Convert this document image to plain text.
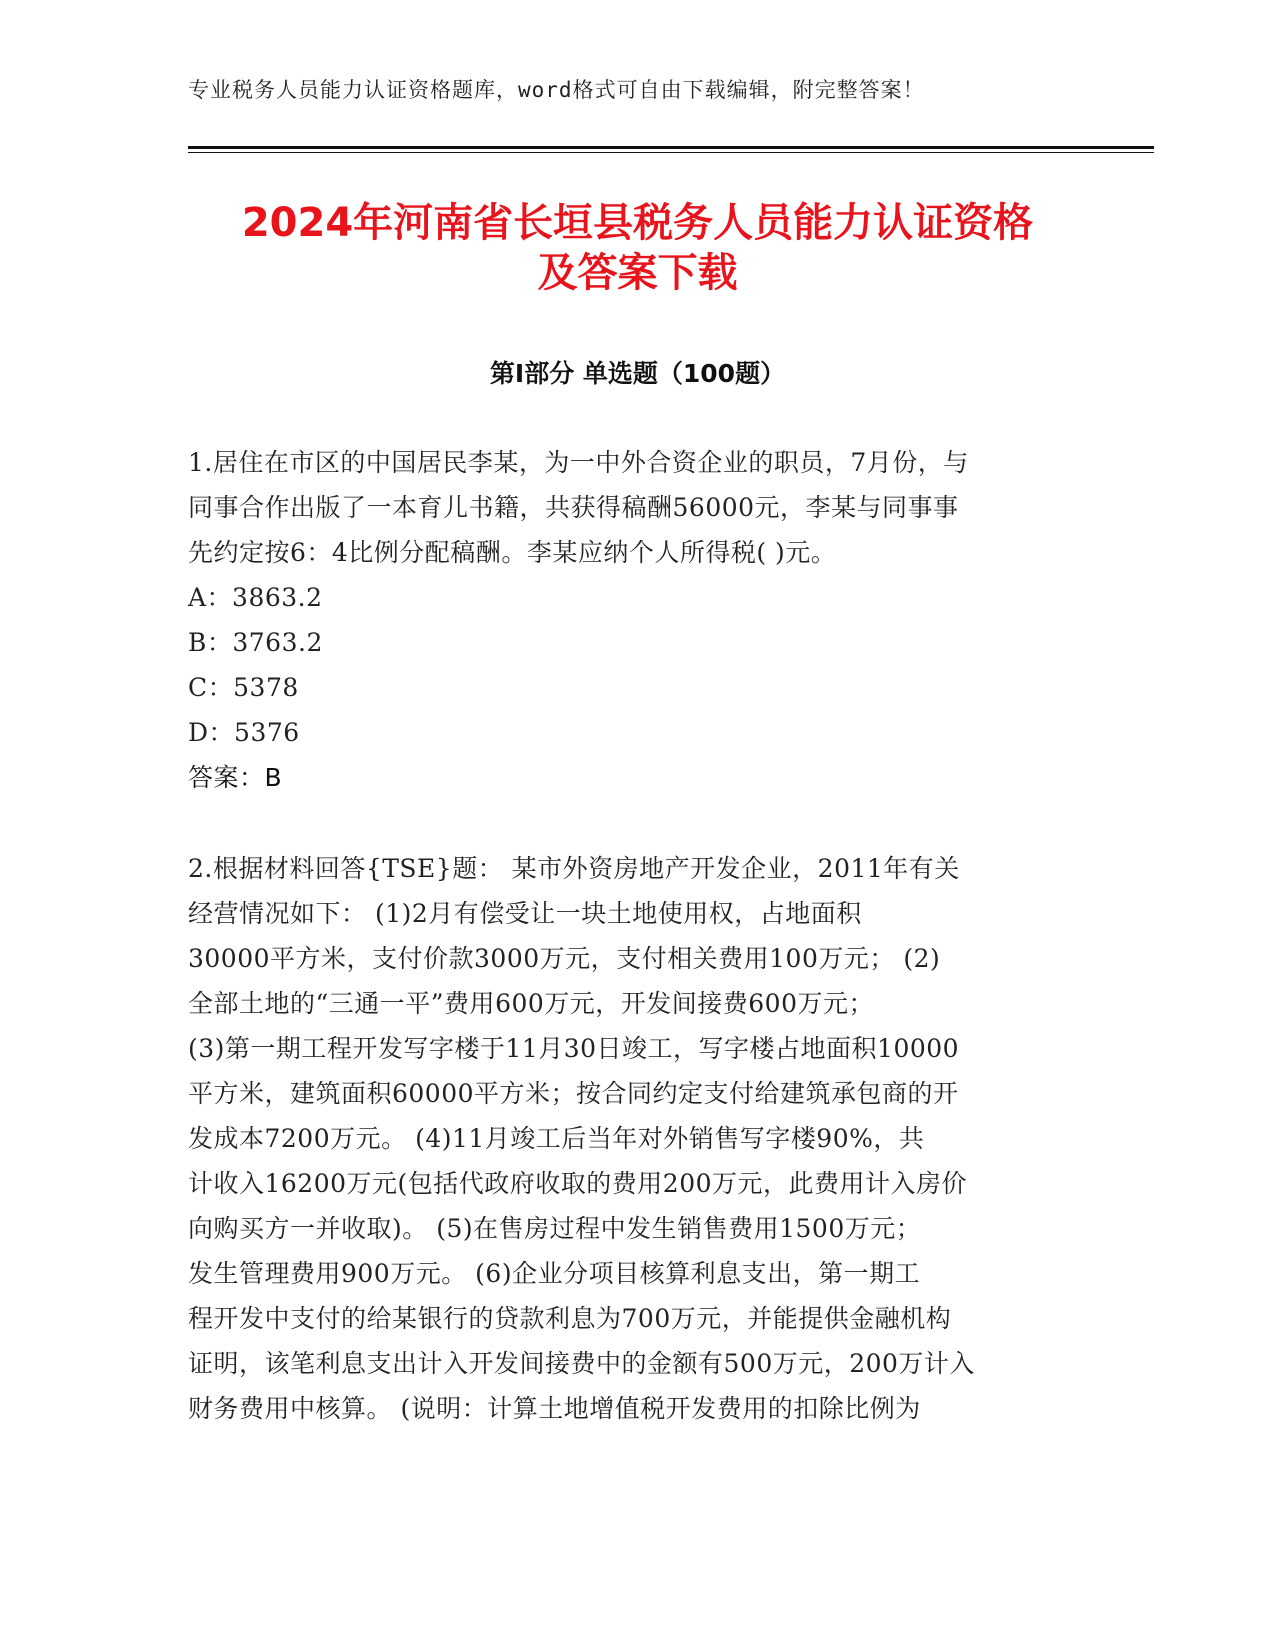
专业税务人员能力认证资格题库，word格式可自由下载编辑，附完整答案！
2024年河南省长垣县税务人员能力认证资格
及答案下载
第I部分 单选题（100题）

1.居住在市区的中国居民李某，为一中外合资企业的职员，7月份，与

同事合作出版了一本育儿书籍，共获得稿酬56000元，李某与同事事

先约定按6：4比例分配稿酬。李某应纳个人所得税( )元。

A：3863.2

B：3763.2

C：5378

D：5376

答案：B

2.根据材料回答{TSE}题： 某市外资房地产开发企业，2011年有关

经营情况如下： (1)2月有偿受让一块土地使用权，占地面积

30000平方米，支付价款3000万元，支付相关费用100万元； (2)

全部土地的“三通一平”费用600万元，开发间接费600万元；

(3)第一期工程开发写字楼于11月30日竣工，写字楼占地面积10000

平方米，建筑面积60000平方米；按合同约定支付给建筑承包商的开

发成本7200万元。 (4)11月竣工后当年对外销售写字楼90%，共

计收入16200万元(包括代政府收取的费用200万元，此费用计入房价

向购买方一并收取)。 (5)在售房过程中发生销售费用1500万元；

发生管理费用900万元。 (6)企业分项目核算利息支出，第一期工

程开发中支付的给某银行的贷款利息为700万元，并能提供金融机构

证明，该笔利息支出计入开发间接费中的金额有500万元，200万计入

财务费用中核算。 (说明：计算土地增值税开发费用的扣除比例为
